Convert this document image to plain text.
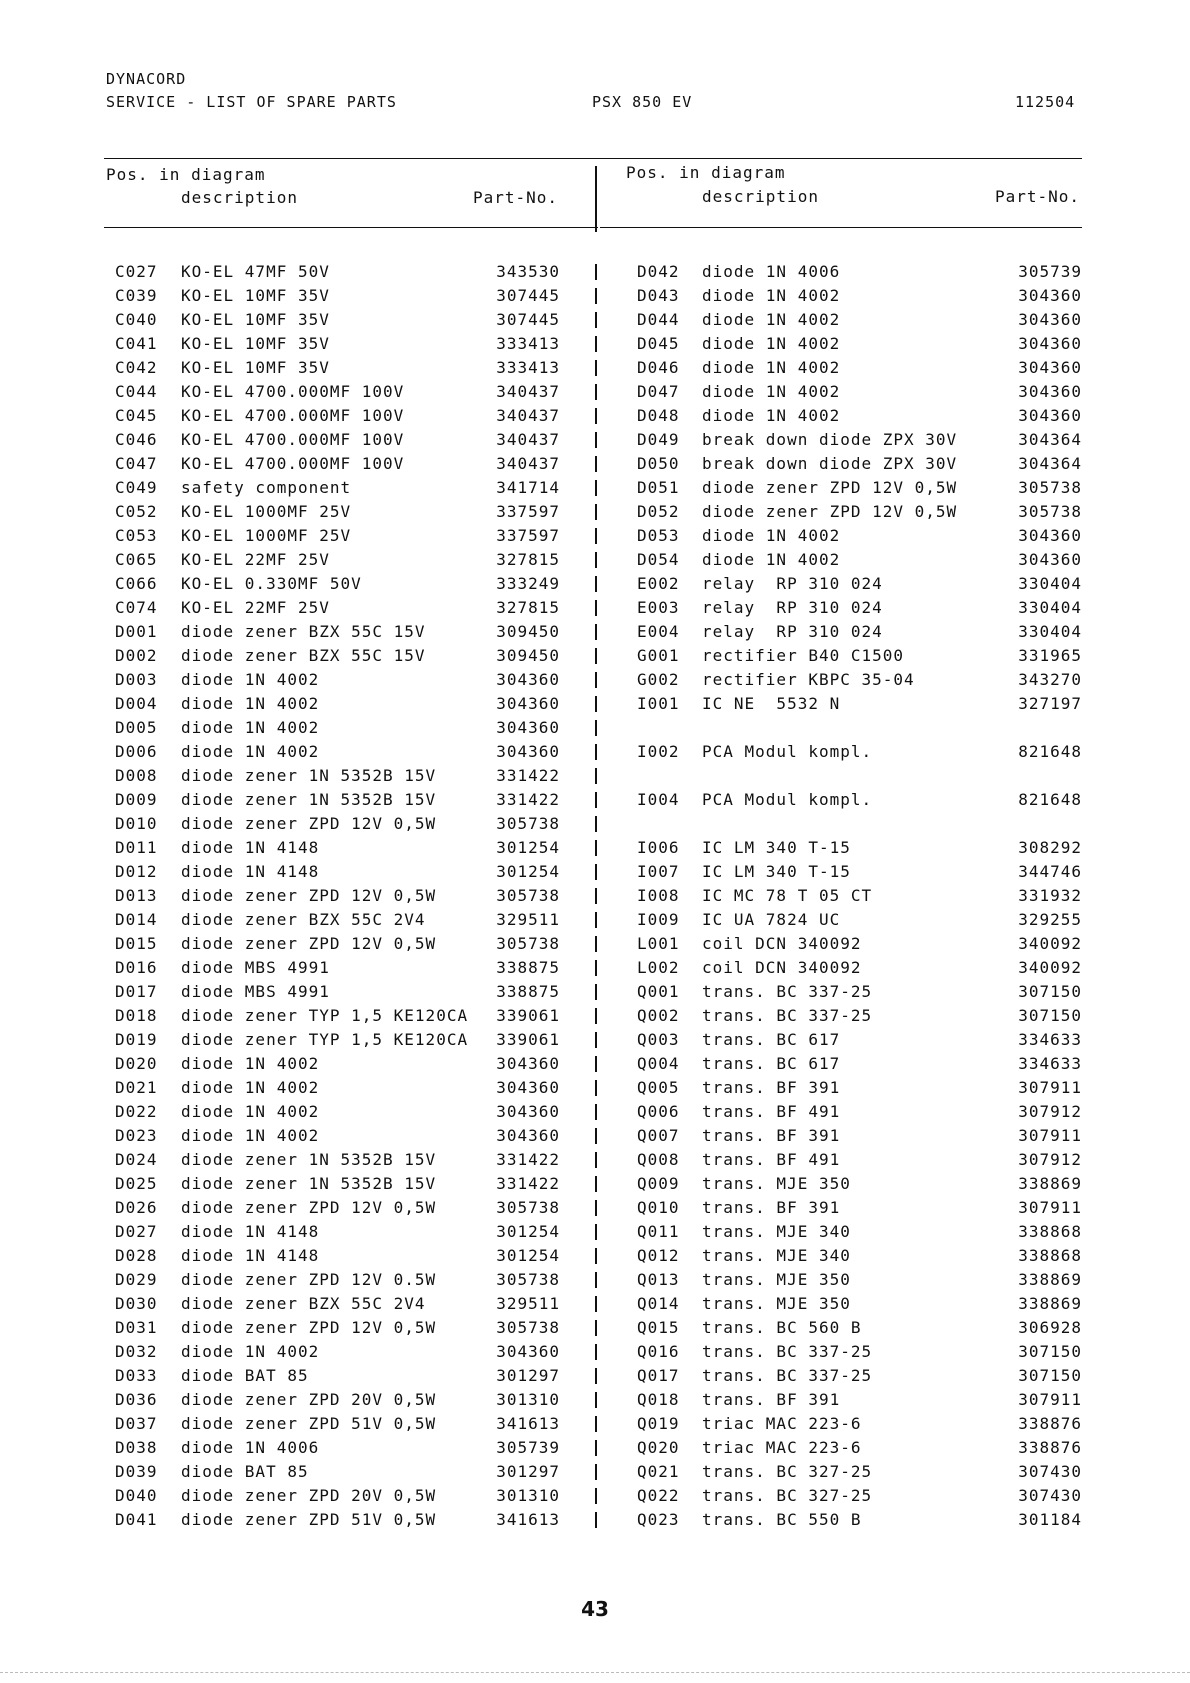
DYNACORD
SERVICE - LIST OF SPARE PARTS	PSX 850 EV	112504
Pos. in diagram
description	Part-No.
Pos. in diagram
description	Part-No.
C027 KO-EL 47MF 50V	343530
C039 KO-EL 10MF 35V	307445
C040 KO-EL 10MF 35V	307445
C041 KO-EL 10MF 35V	333413
C042 KO-EL 10MF 35V	333413
C044 KO-EL 4700.000MF 100V	340437
C045 KO-EL 4700.000MF 100V	340437
C046 KO-EL 4700.000MF 100V	340437
C047 KO-EL 4700.000MF 100V	340437
C049 safety component	341714
C052 KO-EL 1000MF 25V	337597
C053 KO-EL 1000MF 25V	337597
C065 KO-EL 22MF 25V	327815
C066 KO-EL 0.330MF 50V	333249
C074 KO-EL 22MF 25V	327815
D001 diode zener BZX 55C 15V	309450
D002 diode zener BZX 55C 15V	309450
D003 diode 1N 4002	304360
D004 diode 1N 4002	304360
D005 diode 1N 4002	304360
D006 diode 1N 4002	304360
D008 diode zener 1N 5352B 15V	331422
D009 diode zener 1N 5352B 15V	331422
D010 diode zener ZPD 12V 0,5W	305738
D011 diode 1N 4148	301254
D012 diode 1N 4148	301254
D013 diode zener ZPD 12V 0,5W	305738
D014 diode zener BZX 55C 2V4	329511
D015 diode zener ZPD 12V 0,5W	305738
D016 diode MBS 4991	338875
D017 diode MBS 4991	338875
D018 diode zener TYP 1,5 KE120CA	339061
D019 diode zener TYP 1,5 KE120CA	339061
D020 diode 1N 4002	304360
D021 diode 1N 4002	304360
D022 diode 1N 4002	304360
D023 diode 1N 4002	304360
D024 diode zener 1N 5352B 15V	331422
D025 diode zener 1N 5352B 15V	331422
D026 diode zener ZPD 12V 0,5W	305738
D027 diode 1N 4148	301254
D028 diode 1N 4148	301254
D029 diode zener ZPD 12V 0.5W	305738
D030 diode zener BZX 55C 2V4	329511
D031 diode zener ZPD 12V 0,5W	305738
D032 diode 1N 4002	304360
D033 diode BAT 85	301297
D036 diode zener ZPD 20V 0,5W	301310
D037 diode zener ZPD 51V 0,5W	341613
D038 diode 1N 4006	305739
D039 diode BAT 85	301297
D040 diode zener ZPD 20V 0,5W	301310
D041 diode zener ZPD 51V 0,5W	341613
D042 diode 1N 4006	305739
D043 diode 1N 4002	304360
D044 diode 1N 4002	304360
D045 diode 1N 4002	304360
D046 diode 1N 4002	304360
D047 diode 1N 4002	304360
D048 diode 1N 4002	304360
D049 break down diode ZPX 30V	304364
D050 break down diode ZPX 30V	304364
D051 diode zener ZPD 12V 0,5W	305738
D052 diode zener ZPD 12V 0,5W	305738
D053 diode 1N 4002	304360
D054 diode 1N 4002	304360
E002 relay  RP 310 024	330404
E003 relay  RP 310 024	330404
E004 relay  RP 310 024	330404
G001 rectifier B40 C1500	331965
G002 rectifier KBPC 35-04	343270
I001 IC NE  5532 N	327197
I002 PCA Modul kompl.	821648
I004 PCA Modul kompl.	821648
I006 IC LM 340 T-15	308292
I007 IC LM 340 T-15	344746
I008 IC MC 78 T 05 CT	331932
I009 IC UA 7824 UC	329255
L001 coil DCN 340092	340092
L002 coil DCN 340092	340092
Q001 trans. BC 337-25	307150
Q002 trans. BC 337-25	307150
Q003 trans. BC 617	334633
Q004 trans. BC 617	334633
Q005 trans. BF 391	307911
Q006 trans. BF 491	307912
Q007 trans. BF 391	307911
Q008 trans. BF 491	307912
Q009 trans. MJE 350	338869
Q010 trans. BF 391	307911
Q011 trans. MJE 340	338868
Q012 trans. MJE 340	338868
Q013 trans. MJE 350	338869
Q014 trans. MJE 350	338869
Q015 trans. BC 560 B	306928
Q016 trans. BC 337-25	307150
Q017 trans. BC 337-25	307150
Q018 trans. BF 391	307911
Q019 triac MAC 223-6	338876
Q020 triac MAC 223-6	338876
Q021 trans. BC 327-25	307430
Q022 trans. BC 327-25	307430
Q023 trans. BC 550 B	301184
43
